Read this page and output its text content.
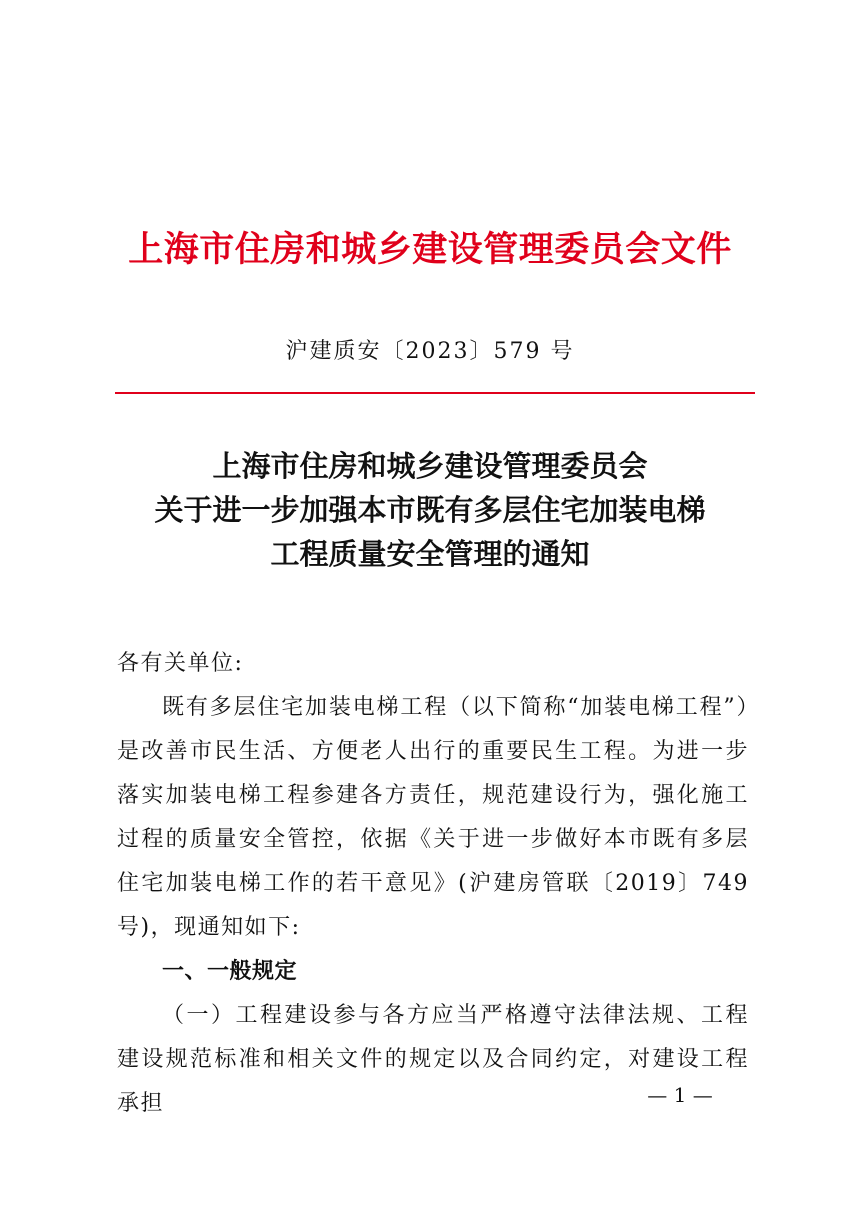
上海市住房和城乡建设管理委员会文件
沪建质安〔2023〕579 号
上海市住房和城乡建设管理委员会
关于进一步加强本市既有多层住宅加装电梯
工程质量安全管理的通知

各有关单位:

既有多层住宅加装电梯工程（以下简称“加装电梯工程”）是改善市民生活、方便老人出行的重要民生工程。为进一步落实加装电梯工程参建各方责任，规范建设行为，强化施工过程的质量安全管控，依据《关于进一步做好本市既有多层住宅加装电梯工作的若干意见》(沪建房管联〔2019〕749 号)，现通知如下:

一、一般规定

（一）工程建设参与各方应当严格遵守法律法规、工程建设规范标准和相关文件的规定以及合同约定，对建设工程承担	— 1 —
